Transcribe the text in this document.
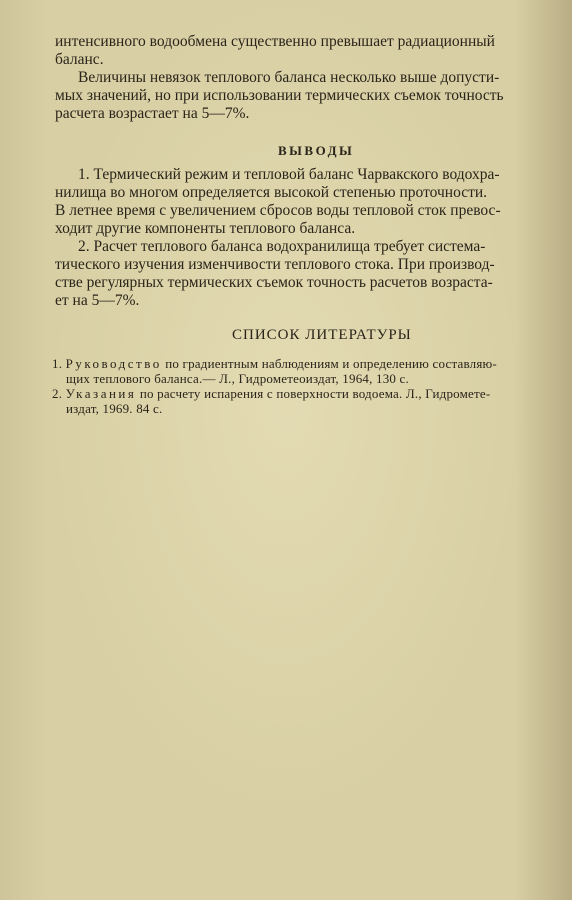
интенсивного водообмена существенно превышает радиационный
баланс.
Величины невязок теплового баланса несколько выше допусти-
мых значений, но при использовании термических съемок точность
расчета возрастает на 5—7%.
ВЫВОДЫ
1. Термический режим и тепловой баланс Чарвакского водохра-
нилища во многом определяется высокой степенью проточности.
В летнее время с увеличением сбросов воды тепловой сток превос-
ходит другие компоненты теплового баланса.
2. Расчет теплового баланса водохранилища требует система-
тического изучения изменчивости теплового стока. При производ-
стве регулярных термических съемок точность расчетов возраста-
ет на 5—7%.
СПИСОК ЛИТЕРАТУРЫ
1. Руководство по градиентным наблюдениям и определению составляю-
щих теплового баланса.— Л., Гидрометеоиздат, 1964, 130 с.
2. Указания по расчету испарения с поверхности водоема. Л., Гидромете-
издат, 1969. 84 с.
